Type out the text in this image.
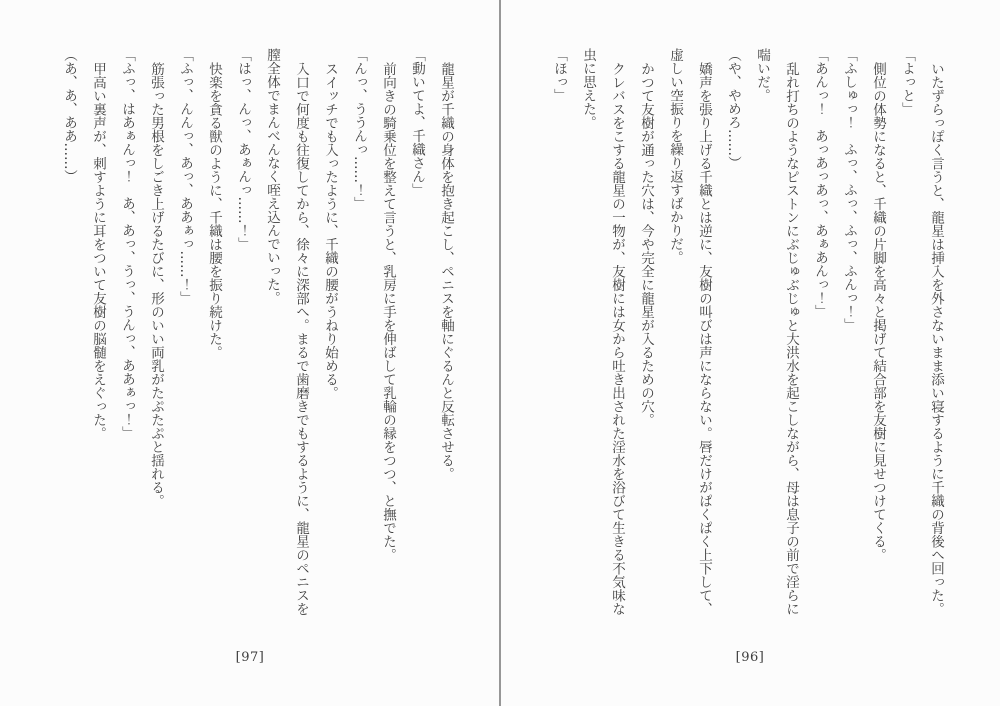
龍星が千織の身体を抱き起こし、ペニスを軸にぐるんと反転させる。

「動いてよ、千織さん」

前向きの騎乗位を整えて言うと、乳房に手を伸ばして乳輪の縁をつつ、と撫でた。

「んっ、ううんっ……！」

スイッチでも入ったように、千織の腰がうねり始める。

入口で何度も往復してから、徐々に深部へ。まるで歯磨きでもするように、龍星のペニスを膣全体でまんべんなく咥え込んでいった。

「はっ、んっ、あぁんっ……！」

快楽を貪る獣のように、千織は腰を振り続けた。

「ふっ、んんっ、あっ、ああぁっ……！」

筋張った男根をしごき上げるたびに、形のいい両乳がたぷたぷと揺れる。

「ふっ、はあぁんっ！　あ、あっ、うっ、うんっ、ああぁっ！」

甲高い裏声が、刺すように耳をついて友樹の脳髄をえぐった。

（あ、あ、ああ……）

[97]

いたずらっぽく言うと、龍星は挿入を外さないまま添い寝するように千織の背後へ回った。

「よっと」

側位の体勢になると、千織の片脚を高々と掲げて結合部を友樹に見せつけてくる。

「ふしゅっ！　ふっ、ふっ、ふっ、ふんっ！」

「あんっ！　あっあっあっ、あぁあんっ！」

乱れ打ちのようなピストンにぶじゅぶじゅと大洪水を起こしながら、母は息子の前で淫らに喘いだ。

（や、やめろ……）

嬌声を張り上げる千織とは逆に、友樹の叫びは声にならない。唇だけがぱくぱく上下して、虚しい空振りを繰り返すばかりだ。

かつて友樹が通った穴は、今や完全に龍星が入るための穴。

クレバスをこする龍星の一物が、友樹には女から吐き出された淫水を浴びて生きる不気味な虫に思えた。

「ほっ」

[96]
